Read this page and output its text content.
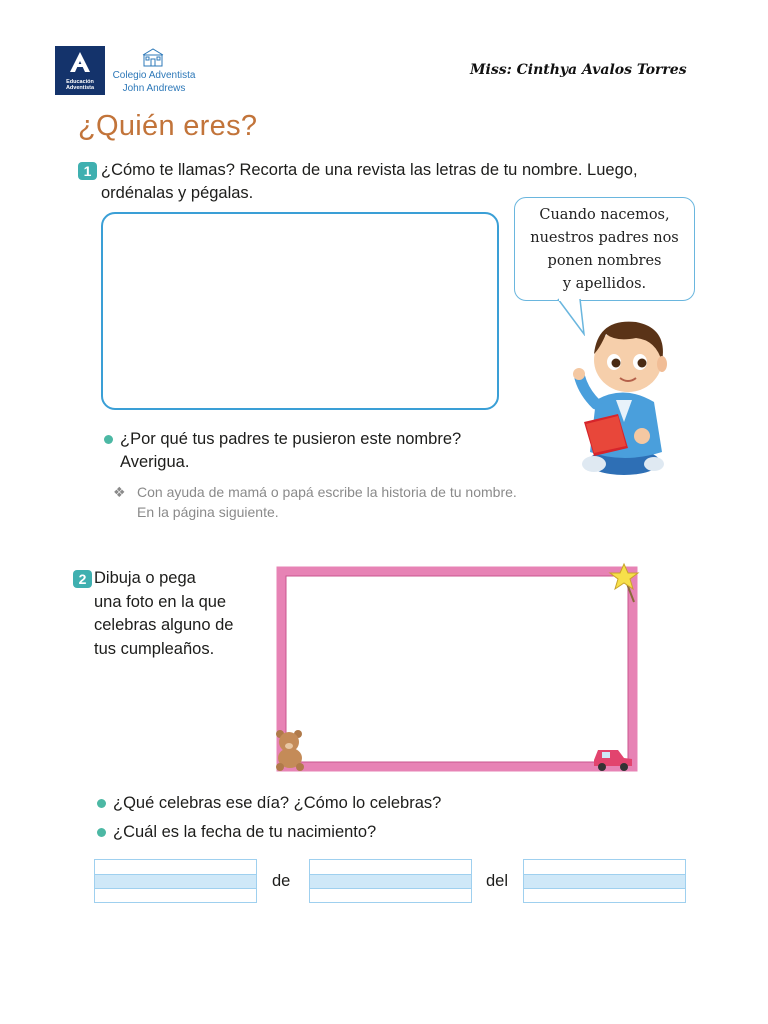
Educación
Adventista
Colegio Adventista
John Andrews
Miss: Cinthya Avalos Torres
¿Quién eres?
1 ¿Cómo te llamas? Recorta de una revista las letras de tu nombre. Luego,
ordénalas y pégalas.
Cuando nacemos,
nuestros padres nos
ponen nombres
y apellidos.
¿Por qué tus padres te pusieron este nombre?
Averigua.
❖ Con ayuda de mamá o papá escribe la historia de tu nombre.
En la página siguiente.
2 Dibuja o pega
una foto en la que
celebras alguno de
tus cumpleaños.
¿Qué celebras ese día? ¿Cómo lo celebras?
¿Cuál es la fecha de tu nacimiento?
de	del
